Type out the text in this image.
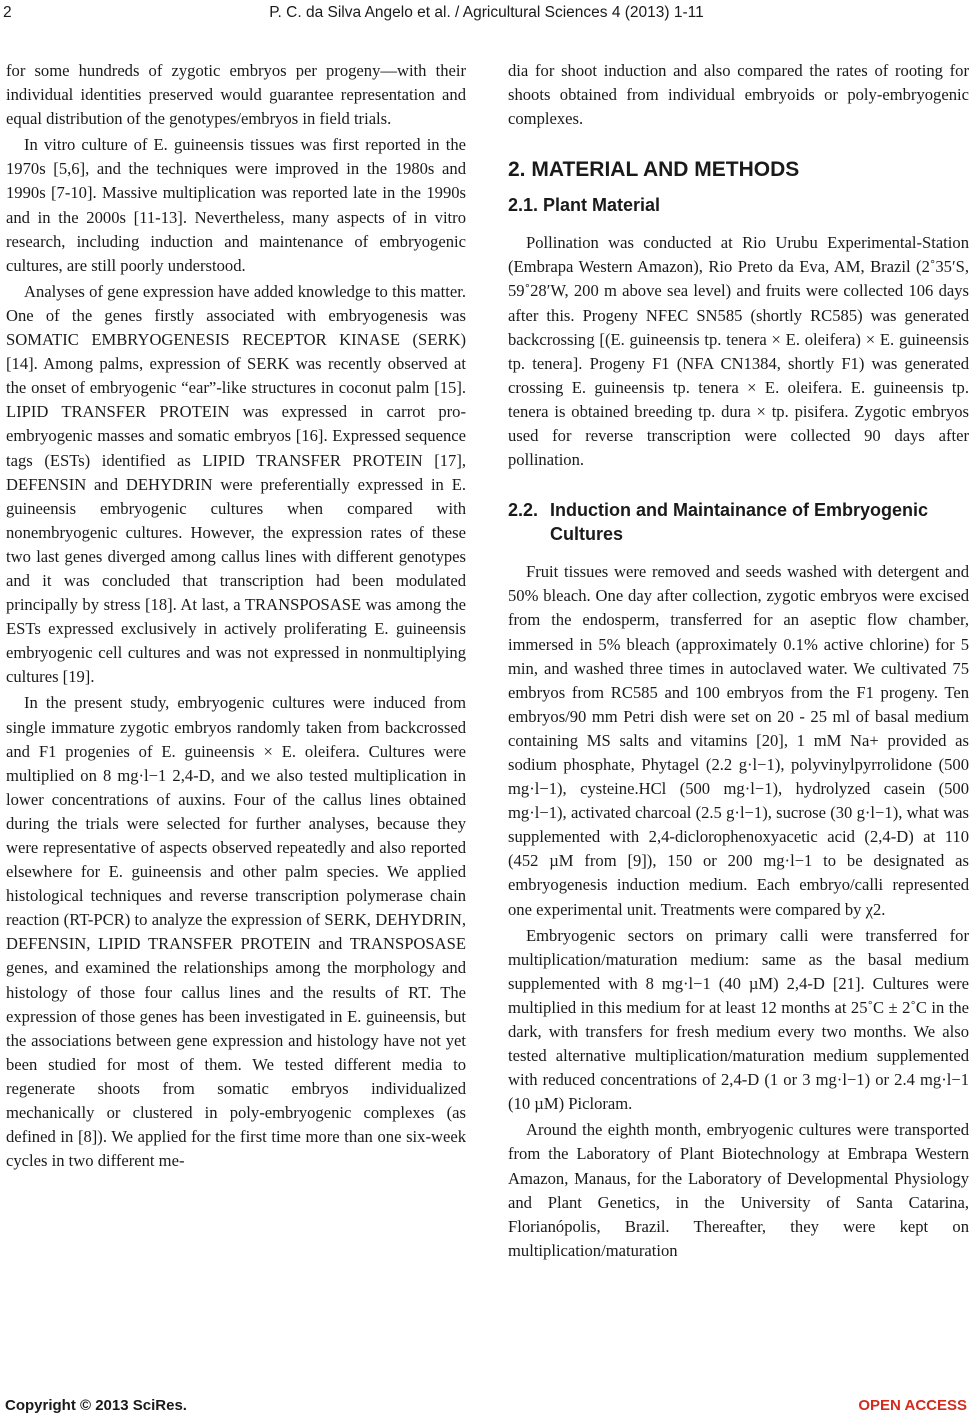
2	P. C. da Silva Angelo et al. / Agricultural Sciences 4 (2013) 1-11

for some hundreds of zygotic embryos per progeny—with their individual identities preserved would guarantee representation and equal distribution of the genotypes/embryos in field trials.

In vitro culture of E. guineensis tissues was first reported in the 1970s [5,6], and the techniques were improved in the 1980s and 1990s [7-10]. Massive multiplication was reported late in the 1990s and in the 2000s [11-13]. Nevertheless, many aspects of in vitro research, including induction and maintenance of embryogenic cultures, are still poorly understood.

Analyses of gene expression have added knowledge to this matter. One of the genes firstly associated with embryogenesis was SOMATIC EMBRYOGENESIS RECEPTOR KINASE (SERK) [14]. Among palms, expression of SERK was recently observed at the onset of embryogenic “ear”-like structures in coconut palm [15]. LIPID TRANSFER PROTEIN was expressed in carrot pro-embryogenic masses and somatic embryos [16]. Expressed sequence tags (ESTs) identified as LIPID TRANSFER PROTEIN [17], DEFENSIN and DEHYDRIN were preferentially expressed in E. guineensis embryogenic cultures when compared with nonembryogenic cultures. However, the expression rates of these two last genes diverged among callus lines with different genotypes and it was concluded that transcription had been modulated principally by stress [18]. At last, a TRANSPOSASE was among the ESTs expressed exclusively in actively proliferating E. guineensis embryogenic cell cultures and was not expressed in nonmultiplying cultures [19].

In the present study, embryogenic cultures were induced from single immature zygotic embryos randomly taken from backcrossed and F1 progenies of E. guineensis × E. oleifera. Cultures were multiplied on 8 mg·l−1 2,4-D, and we also tested multiplication in lower concentrations of auxins. Four of the callus lines obtained during the trials were selected for further analyses, because they were representative of aspects observed repeatedly and also reported elsewhere for E. guineensis and other palm species. We applied histological techniques and reverse transcription polymerase chain reaction (RT-PCR) to analyze the expression of SERK, DEHYDRIN, DEFENSIN, LIPID TRANSFER PROTEIN and TRANSPOSASE genes, and examined the relationships among the morphology and histology of those four callus lines and the results of RT. The expression of those genes has been investigated in E. guineensis, but the associations between gene expression and histology have not yet been studied for most of them. We tested different media to regenerate shoots from somatic embryos individualized mechanically or clustered in poly-embryogenic complexes (as defined in [8]). We applied for the first time more than one six-week cycles in two different me-

dia for shoot induction and also compared the rates of rooting for shoots obtained from individual embryoids or poly-embryogenic complexes.

2. MATERIAL AND METHODS
2.1. Plant Material

Pollination was conducted at Rio Urubu Experimental-Station (Embrapa Western Amazon), Rio Preto da Eva, AM, Brazil (2˚35′S, 59˚28′W, 200 m above sea level) and fruits were collected 106 days after this. Progeny NFEC SN585 (shortly RC585) was generated backcrossing [(E. guineensis tp. tenera × E. oleifera) × E. guineensis tp. tenera]. Progeny F1 (NFA CN1384, shortly F1) was generated crossing E. guineensis tp. tenera × E. oleifera. E. guineensis tp. tenera is obtained breeding tp. dura × tp. pisifera. Zygotic embryos used for reverse transcription were collected 90 days after pollination.

2.2. Induction and Maintainance of Embryogenic Cultures

Fruit tissues were removed and seeds washed with detergent and 50% bleach. One day after collection, zygotic embryos were excised from the endosperm, transferred for an aseptic flow chamber, immersed in 5% bleach (approximately 0.1% active chlorine) for 5 min, and washed three times in autoclaved water. We cultivated 75 embryos from RC585 and 100 embryos from the F1 progeny. Ten embryos/90 mm Petri dish were set on 20 - 25 ml of basal medium containing MS salts and vitamins [20], 1 mM Na+ provided as sodium phosphate, Phytagel (2.2 g·l−1), polyvinylpyrrolidone (500 mg·l−1), cysteine.HCl (500 mg·l−1), hydrolyzed casein (500 mg·l−1), activated charcoal (2.5 g·l−1), sucrose (30 g·l−1), what was supplemented with 2,4-diclorophenoxyacetic acid (2,4-D) at 110 (452 µM from [9]), 150 or 200 mg·l−1 to be designated as embryogenesis induction medium. Each embryo/calli represented one experimental unit. Treatments were compared by χ2.

Embryogenic sectors on primary calli were transferred for multiplication/maturation medium: same as the basal medium supplemented with 8 mg·l−1 (40 µM) 2,4-D [21]. Cultures were multiplied in this medium for at least 12 months at 25˚C ± 2˚C in the dark, with transfers for fresh medium every two months. We also tested alternative multiplication/maturation medium supplemented with reduced concentrations of 2,4-D (1 or 3 mg·l−1) or 2.4 mg·l−1 (10 µM) Picloram.

Around the eighth month, embryogenic cultures were transported from the Laboratory of Plant Biotechnology at Embrapa Western Amazon, Manaus, for the Laboratory of Developmental Physiology and Plant Genetics, in the University of Santa Catarina, Florianópolis, Brazil. Thereafter, they were kept on multiplication/maturation

Copyright © 2013 SciRes.	OPEN ACCESS
